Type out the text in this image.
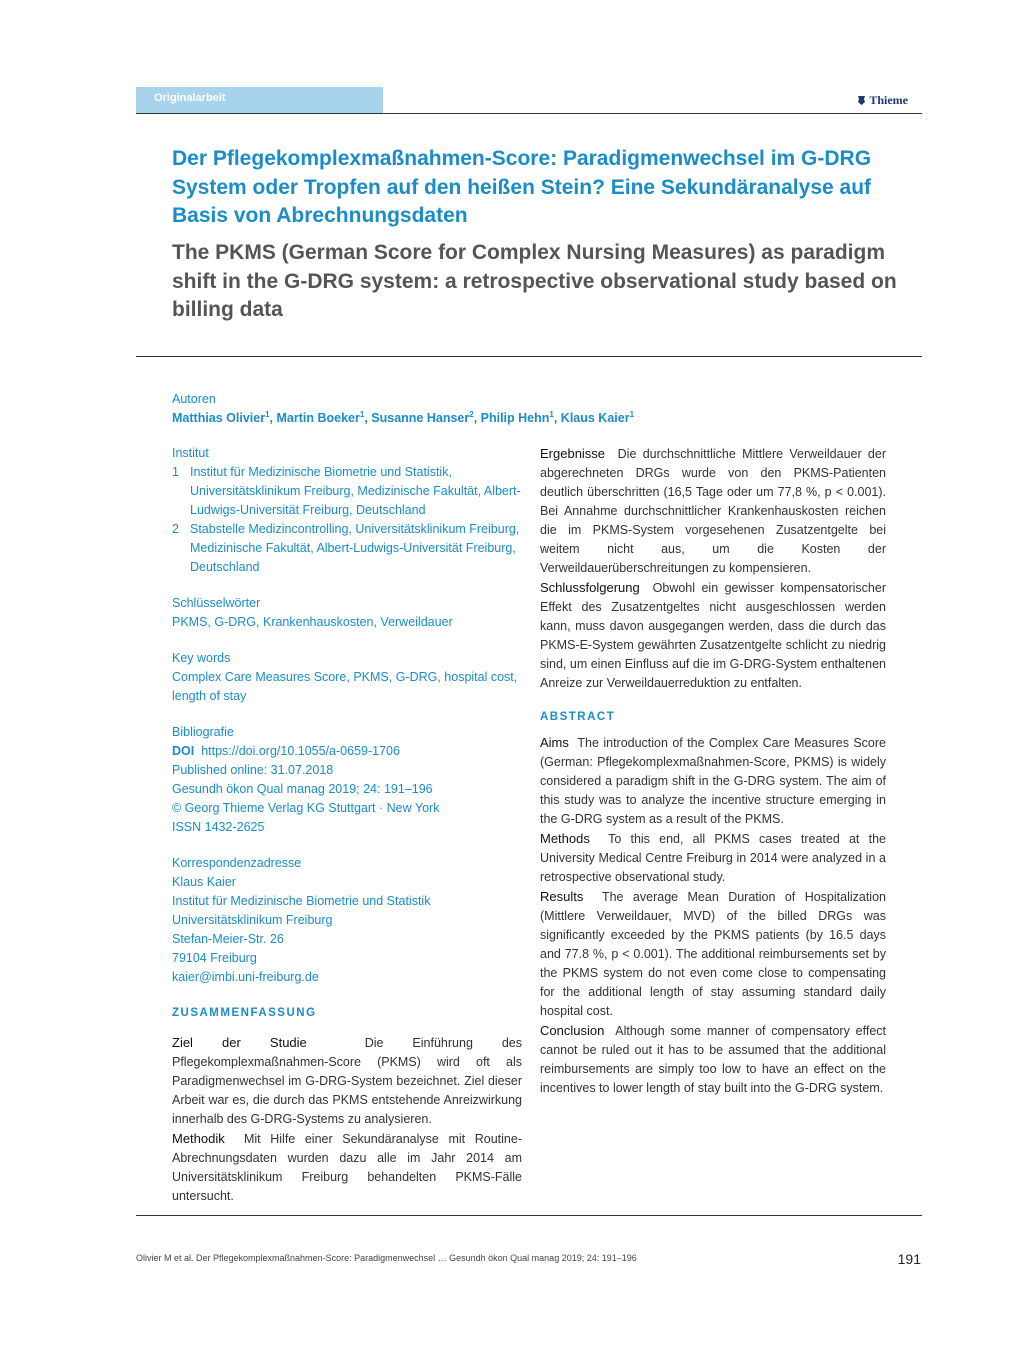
Originalarbeit	Thieme
Der Pflegekomplexmaßnahmen-Score: Paradigmenwechsel im G-DRG System oder Tropfen auf den heißen Stein? Eine Sekundäranalyse auf Basis von Abrechnungsdaten
The PKMS (German Score for Complex Nursing Measures) as paradigm shift in the G-DRG system: a retrospective observational study based on billing data
Autoren
Matthias Olivier$^1$, Martin Boeker$^1$, Susanne Hanser$^2$, Philip Hehn$^1$, Klaus Kaier$^1$
Institut
1 Institut für Medizinische Biometrie und Statistik, Universitätsklinikum Freiburg, Medizinische Fakultät, Albert-Ludwigs-Universität Freiburg, Deutschland
2 Stabstelle Medizincontrolling, Universitätsklinikum Freiburg, Medizinische Fakultät, Albert-Ludwigs-Universität Freiburg, Deutschland
Schlüsselwörter
PKMS, G-DRG, Krankenhauskosten, Verweildauer
Key words
Complex Care Measures Score, PKMS, G-DRG, hospital cost, length of stay
Bibliografie
DOI https://doi.org/10.1055/a-0659-1706
Published online: 31.07.2018
Gesundh ökon Qual manag 2019; 24: 191–196
© Georg Thieme Verlag KG Stuttgart · New York
ISSN 1432-2625
Korrespondenzadresse
Klaus Kaier
Institut für Medizinische Biometrie und Statistik
Universitätsklinikum Freiburg
Stefan-Meier-Str. 26
79104 Freiburg
kaier@imbi.uni-freiburg.de
ZUSAMMENFASSUNG

Ziel der Studie	Die Einführung des Pflegekomplexmaßnahmen-Score (PKMS) wird oft als Paradigmenwechsel im G-DRG-System bezeichnet. Ziel dieser Arbeit war es, die durch das PKMS entstehende Anreizwirkung innerhalb des G-DRG-Systems zu analysieren.

Methodik Mit Hilfe einer Sekundäranalyse mit Routine-Abrechnungsdaten wurden dazu alle im Jahr 2014 am Universitätsklinikum Freiburg behandelten PKMS-Fälle untersucht.

Ergebnisse Die durchschnittliche Mittlere Verweildauer der abgerechneten DRGs wurde von den PKMS-Patienten deutlich überschritten (16,5 Tage oder um 77,8 %, p < 0.001). Bei Annahme durchschnittlicher Krankenhauskosten reichen die im PKMS-System vorgesehenen Zusatzentgelte bei weitem nicht aus, um die Kosten der Verweildauerüberschreitungen zu kompensieren.

Schlussfolgerung Obwohl ein gewisser kompensatorischer Effekt des Zusatzentgeltes nicht ausgeschlossen werden kann, muss davon ausgegangen werden, dass die durch das PKMS-E-System gewährten Zusatzentgelte schlicht zu niedrig sind, um einen Einfluss auf die im G-DRG-System enthaltenen Anreize zur Verweildauerreduktion zu entfalten.

ABSTRACT

Aims The introduction of the Complex Care Measures Score (German: Pflegekomplexmaßnahmen-Score, PKMS) is widely considered a paradigm shift in the G-DRG system. The aim of this study was to analyze the incentive structure emerging in the G-DRG system as a result of the PKMS.

Methods To this end, all PKMS cases treated at the University Medical Centre Freiburg in 2014 were analyzed in a retrospective observational study.

Results The average Mean Duration of Hospitalization (Mittlere Verweildauer, MVD) of the billed DRGs was significantly exceeded by the PKMS patients (by 16.5 days and 77.8 %, p < 0.001). The additional reimbursements set by the PKMS system do not even come close to compensating for the additional length of stay assuming standard daily hospital cost.

Conclusion Although some manner of compensatory effect cannot be ruled out it has to be assumed that the additional reimbursements are simply too low to have an effect on the incentives to lower length of stay built into the G-DRG system.

Olivier M et al. Der Pflegekomplexmaßnahmen-Score: Paradigmenwechsel … Gesundh ökon Qual manag 2019; 24: 191–196	191
